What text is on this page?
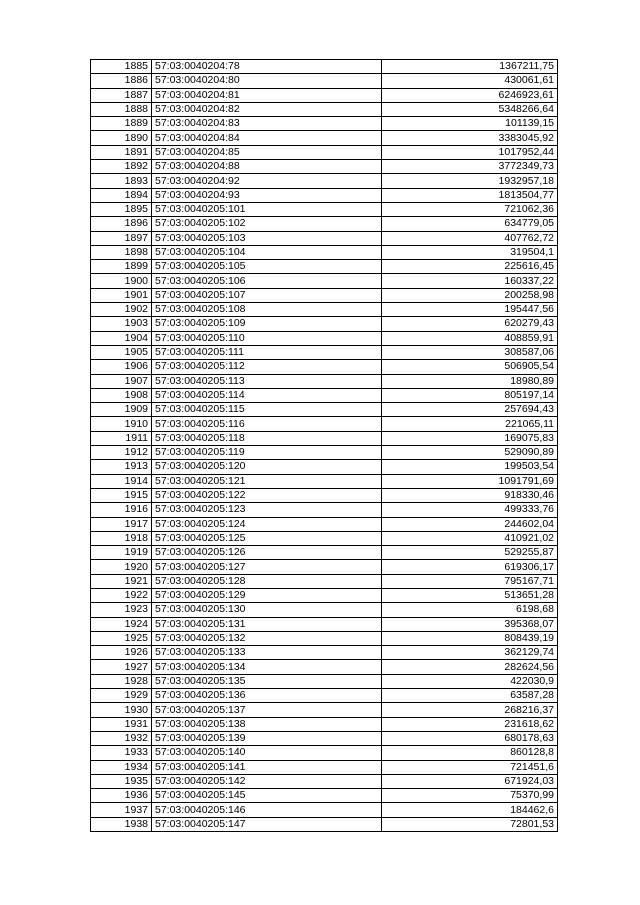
1885	57:03:0040204:78	1367211,75
1886	57:03:0040204:80	430061,61
1887	57:03:0040204:81	6246923,61
1888	57:03:0040204:82	5348266,64
1889	57:03:0040204:83	101139,15
1890	57:03:0040204:84	3383045,92
1891	57:03:0040204:85	1017952,44
1892	57:03:0040204:88	3772349,73
1893	57:03:0040204:92	1932957,18
1894	57:03:0040204:93	1813504,77
1895	57:03:0040205:101	721062,36
1896	57:03:0040205:102	634779,05
1897	57:03:0040205:103	407762,72
1898	57:03:0040205:104	319504,1
1899	57:03:0040205:105	225616,45
1900	57:03:0040205:106	160337,22
1901	57:03:0040205:107	200258,98
1902	57:03:0040205:108	195447,56
1903	57:03:0040205:109	620279,43
1904	57:03:0040205:110	408859,91
1905	57:03:0040205:111	308587,06
1906	57:03:0040205:112	506905,54
1907	57:03:0040205:113	18980,89
1908	57:03:0040205:114	805197,14
1909	57:03:0040205:115	257694,43
1910	57:03:0040205:116	221065,11
1911	57:03:0040205:118	169075,83
1912	57:03:0040205:119	529090,89
1913	57:03:0040205:120	199503,54
1914	57:03:0040205:121	1091791,69
1915	57:03:0040205:122	918330,46
1916	57:03:0040205:123	499333,76
1917	57:03:0040205:124	244602,04
1918	57:03:0040205:125	410921,02
1919	57:03:0040205:126	529255,87
1920	57:03:0040205:127	619306,17
1921	57:03:0040205:128	795167,71
1922	57:03:0040205:129	513651,28
1923	57:03:0040205:130	6198,68
1924	57:03:0040205:131	395368,07
1925	57:03:0040205:132	808439,19
1926	57:03:0040205:133	362129,74
1927	57:03:0040205:134	282624,56
1928	57:03:0040205:135	422030,9
1929	57:03:0040205:136	63587,28
1930	57:03:0040205:137	268216,37
1931	57:03:0040205:138	231618,62
1932	57:03:0040205:139	680178,63
1933	57:03:0040205:140	860128,8
1934	57:03:0040205:141	721451,6
1935	57:03:0040205:142	671924,03
1936	57:03:0040205:145	75370,99
1937	57:03:0040205:146	184462,6
1938	57:03:0040205:147	72801,53
